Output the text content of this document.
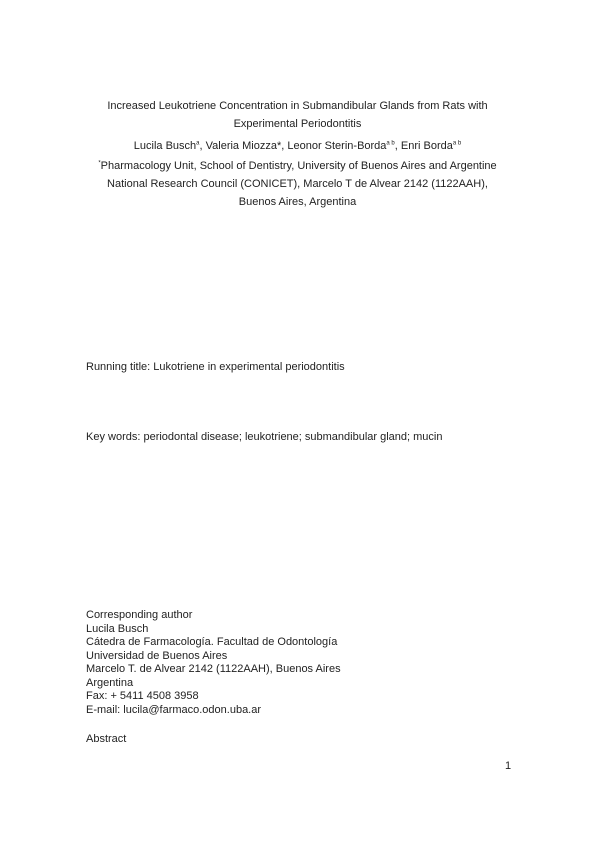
Increased Leukotriene Concentration in Submandibular Glands from Rats with
Experimental Periodontitis
Lucila Busch$^a$, Valeria Miozza*, Leonor Sterin-Borda$^{a b}$, Enri Borda$^{a b}$
*Pharmacology Unit, School of Dentistry, University of Buenos Aires and Argentine
National Research Council (CONICET), Marcelo T de Alvear 2142 (1122AAH),
Buenos Aires, Argentina
Running title: Lukotriene in experimental periodontitis
Key words: periodontal disease; leukotriene; submandibular gland; mucin
Corresponding author
Lucila Busch
Cátedra de Farmacología. Facultad de Odontología
Universidad de Buenos Aires
Marcelo T. de Alvear 2142 (1122AAH), Buenos Aires
Argentina
Fax: + 5411 4508 3958
E-mail: lucila@farmaco.odon.uba.ar
Abstract
1
